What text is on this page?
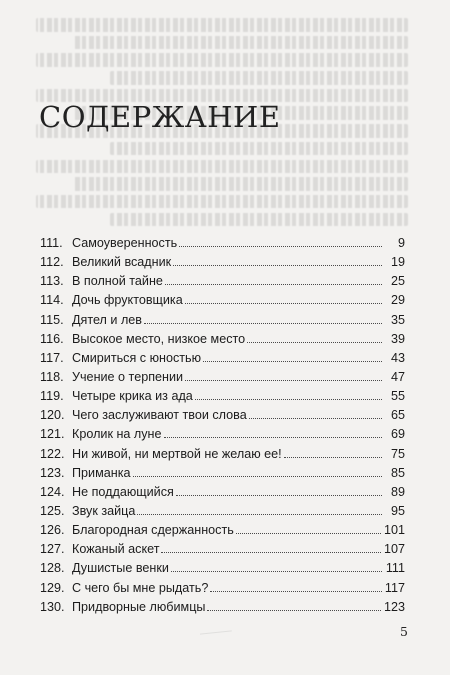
СОДЕРЖАНИЕ
111. Самоуверенность	9
112. Великий всадник	19
113. В полной тайне	25
114. Дочь фруктовщика	29
115. Дятел и лев	35
116. Высокое место, низкое место	39
117. Смириться с юностью	43
118. Учение о терпении	47
119. Четыре крика из ада	55
120. Чего заслуживают твои слова	65
121. Кролик на луне	69
122. Ни живой, ни мертвой не желаю ее!	75
123. Приманка	85
124. Не поддающийся	89
125. Звук зайца	95
126. Благородная сдержанность	101
127. Кожаный аскет	107
128. Душистые венки	111
129. С чего бы мне рыдать?	117
130. Придворные любимцы	123
5
